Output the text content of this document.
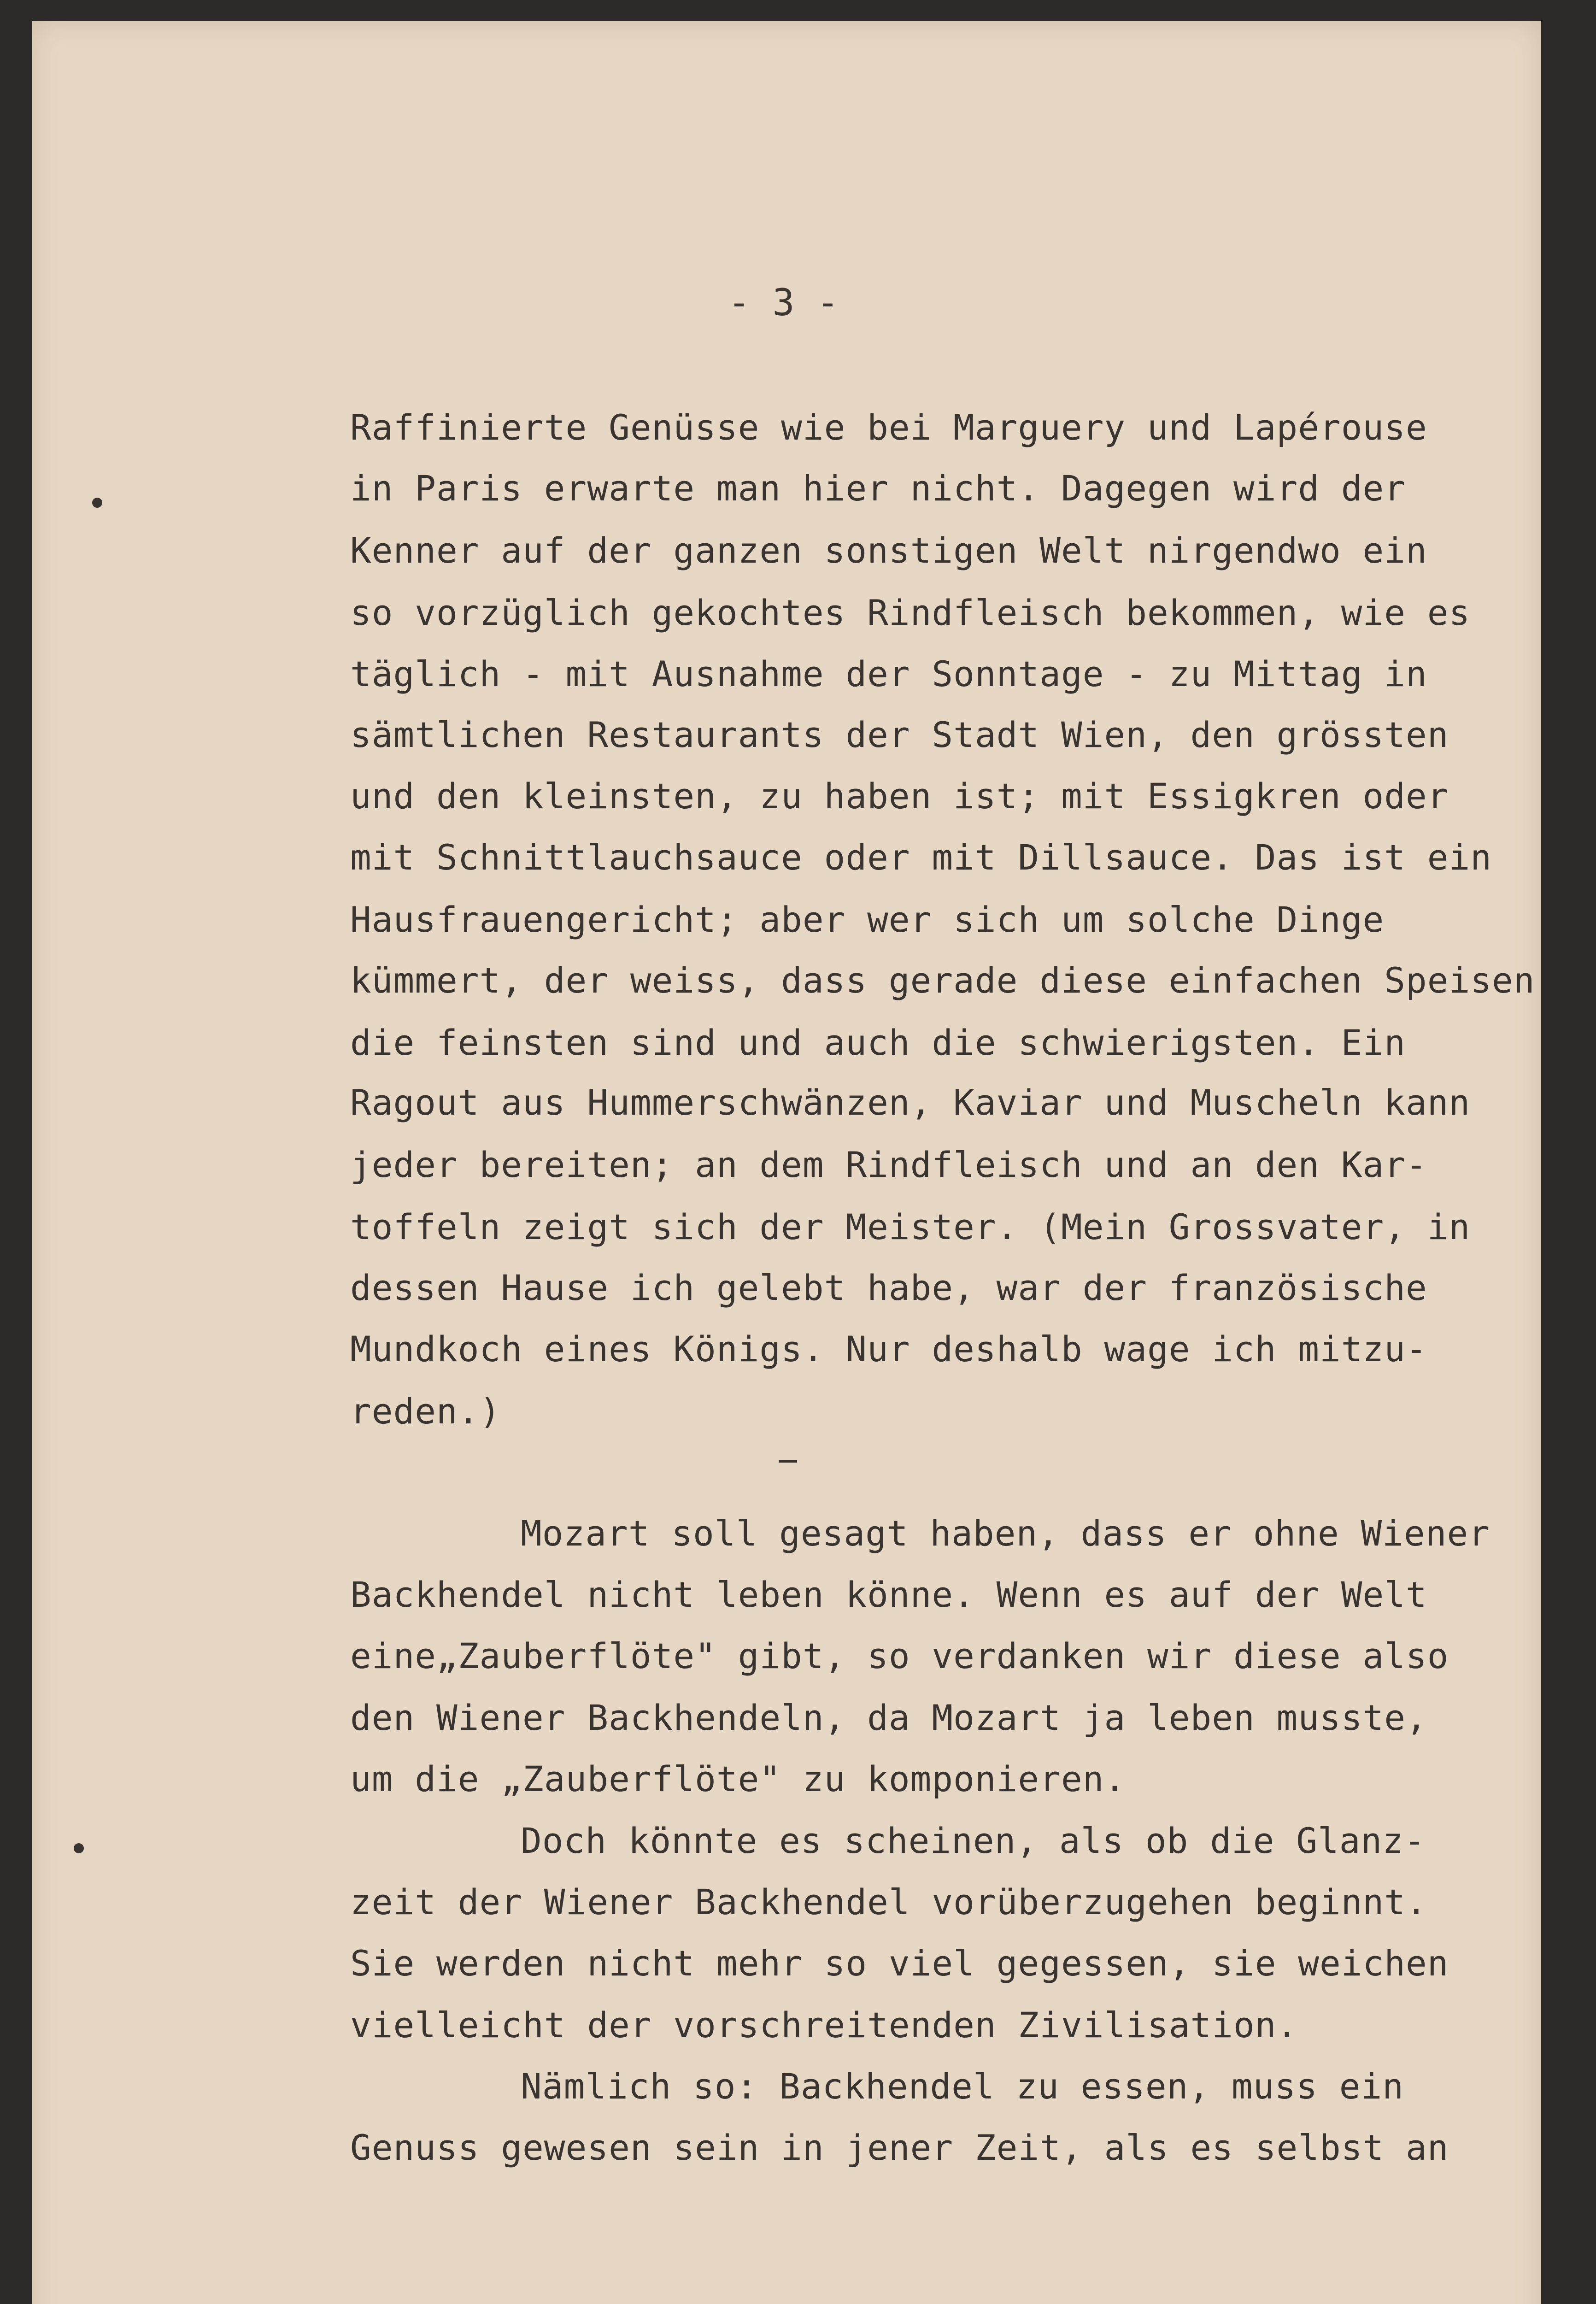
- 3 -
Raffinierte Genüsse wie bei Marguery und Lapérouse
in Paris erwarte man hier nicht. Dagegen wird der
Kenner auf der ganzen sonstigen Welt nirgendwo ein
so vorzüglich gekochtes Rindfleisch bekommen, wie es
täglich - mit Ausnahme der Sonntage - zu Mittag in
sämtlichen Restaurants der Stadt Wien, den grössten
und den kleinsten, zu haben ist; mit Essigkren oder
mit Schnittlauchsauce oder mit Dillsauce. Das ist ein
Hausfrauengericht; aber wer sich um solche Dinge
kümmert, der weiss, dass gerade diese einfachen Speisen
die feinsten sind und auch die schwierigsten. Ein
Ragout aus Hummerschwänzen, Kaviar und Muscheln kann
jeder bereiten; an dem Rindfleisch und an den Kar-
toffeln zeigt sich der Meister. (Mein Grossvater, in
dessen Hause ich gelebt habe, war der französische
Mundkoch eines Königs. Nur deshalb wage ich mitzu-
reden.)
Mozart soll gesagt haben, dass er ohne Wiener
Backhendel nicht leben könne. Wenn es auf der Welt
eine„Zauberflöte" gibt, so verdanken wir diese also
den Wiener Backhendeln, da Mozart ja leben musste,
um die „Zauberflöte" zu komponieren.
Doch könnte es scheinen, als ob die Glanz-
zeit der Wiener Backhendel vorüberzugehen beginnt.
Sie werden nicht mehr so viel gegessen, sie weichen
vielleicht der vorschreitenden Zivilisation.
Nämlich so: Backhendel zu essen, muss ein
Genuss gewesen sein in jener Zeit, als es selbst an
